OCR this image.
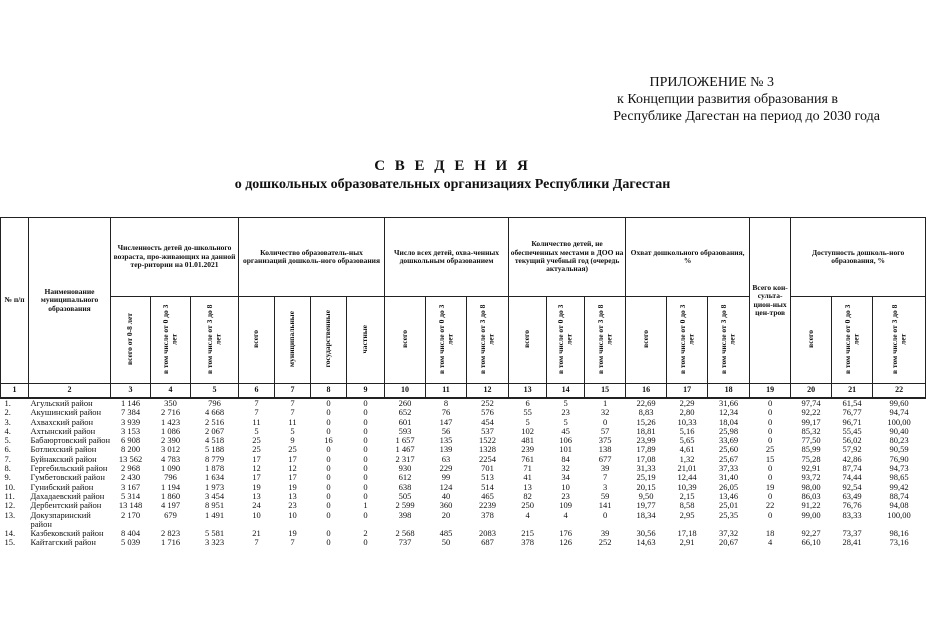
ПРИЛОЖЕНИЕ № 3
к Концепции развития образования в
Республике Дагестан на период до 2030 года
С В Е Д Е Н И Я
о дошкольных образовательных организациях Республики Дагестан
№ п/п	Наименование муниципального образования	Численность детей до-школьного возраста, про-живающих на данной тер-ритории на 01.01.2021			Количество образователь-ных организаций дошколь-ного образования				Число всех детей, охва-ченных дошкольным образованием			Количество детей, не обеспеченных местами в ДОО на текущий учебный год (очередь актуальная)			Охват дошкольного образования, %			Всего кон-сульта-цион-ных цен-тров	Доступность дошколь-ного образования, %		
		всего от 0-8 лет	в том числе от 0 до 3 лет	в том числе от 3 до 8 лет	всего	муниципальные	государственные	частные	всего	в том числе от 0 до 3 лет	в том числе от 3 до 8 лет	всего	в том числе от 0 до 3 лет	в том числе от 3 до 8 лет	всего	в том числе от 0 до 3 лет	в том числе от 3 до 8 лет		всего	в том числе от 0 до 3 лет	в том числе от 3 до 8 лет
1	2	3	4	5	6	7	8	9	10	11	12	13	14	15	16	17	18	19	20	21	22
1.	Агульский район	1 146	350	796	7	7	0	0	260	8	252	6	5	1	22,69	2,29	31,66	0	97,74	61,54	99,60
2.	Акушинский район	7 384	2 716	4 668	7	7	0	0	652	76	576	55	23	32	8,83	2,80	12,34	0	92,22	76,77	94,74
3.	Ахвахский район	3 939	1 423	2 516	11	11	0	0	601	147	454	5	5	0	15,26	10,33	18,04	0	99,17	96,71	100,00
4.	Ахтынский район	3 153	1 086	2 067	5	5	0	0	593	56	537	102	45	57	18,81	5,16	25,98	0	85,32	55,45	90,40
5.	Бабаюртовский район	6 908	2 390	4 518	25	9	16	0	1 657	135	1522	481	106	375	23,99	5,65	33,69	0	77,50	56,02	80,23
6.	Ботлихский район	8 200	3 012	5 188	25	25	0	0	1 467	139	1328	239	101	138	17,89	4,61	25,60	25	85,99	57,92	90,59
7.	Буйнакский район	13 562	4 783	8 779	17	17	0	0	2 317	63	2254	761	84	677	17,08	1,32	25,67	15	75,28	42,86	76,90
8.	Гергебильский район	2 968	1 090	1 878	12	12	0	0	930	229	701	71	32	39	31,33	21,01	37,33	0	92,91	87,74	94,73
9.	Гумбетовский район	2 430	796	1 634	17	17	0	0	612	99	513	41	34	7	25,19	12,44	31,40	0	93,72	74,44	98,65
10.	Гунибский район	3 167	1 194	1 973	19	19	0	0	638	124	514	13	10	3	20,15	10,39	26,05	19	98,00	92,54	99,42
11.	Дахадаевский район	5 314	1 860	3 454	13	13	0	0	505	40	465	82	23	59	9,50	2,15	13,46	0	86,03	63,49	88,74
12.	Дербентский район	13 148	4 197	8 951	24	23	0	1	2 599	360	2239	250	109	141	19,77	8,58	25,01	22	91,22	76,76	94,08
13.	Докузпаринский район	2 170	679	1 491	10	10	0	0	398	20	378	4	4	0	18,34	2,95	25,35	0	99,00	83,33	100,00
14.	Казбековский район	8 404	2 823	5 581	21	19	0	2	2 568	485	2083	215	176	39	30,56	17,18	37,32	18	92,27	73,37	98,16
15.	Кайтагский район	5 039	1 716	3 323	7	7	0	0	737	50	687	378	126	252	14,63	2,91	20,67	4	66,10	28,41	73,16
